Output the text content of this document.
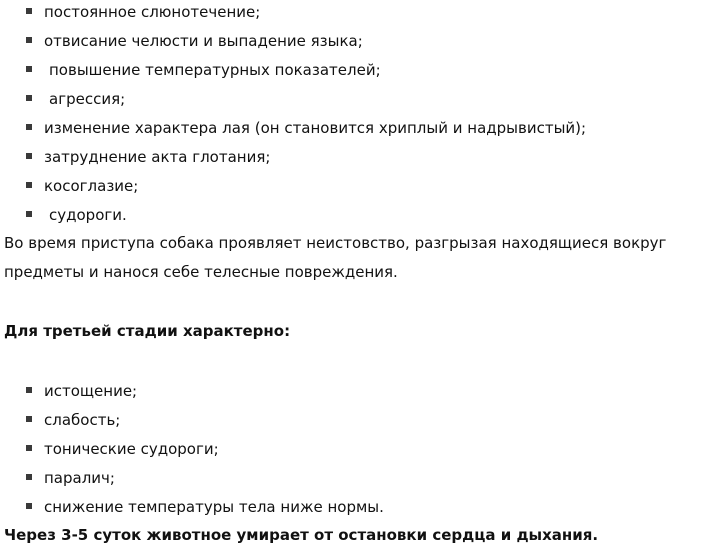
постоянное слюнотечение;
отвисание челюсти и выпадение языка;
повышение температурных показателей;
агрессия;
изменение характера лая (он становится хриплый и надрывистый);
затруднение акта глотания;
косоглазие;
судороги.

Во время приступа собака проявляет неистовство, разгрызая находящиеся вокруг

предметы и нанося себе телесные повреждения.

Для третьей стадии характерно:

истощение;
слабость;
тонические судороги;
паралич;
снижение температуры тела ниже нормы.

Через 3-5 суток животное умирает от остановки сердца и дыхания.
